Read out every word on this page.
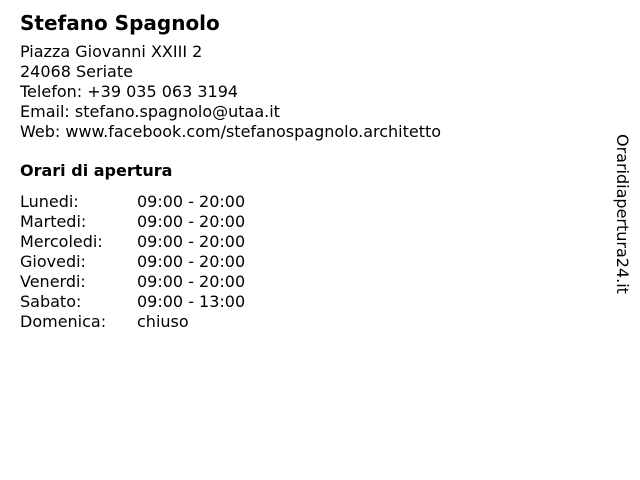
Stefano Spagnolo
Piazza Giovanni XXIII 2
24068 Seriate
Telefon: +39 035 063 3194
Email: stefano.spagnolo@utaa.it
Web: www.facebook.com/stefanospagnolo.architetto
Orari di apertura
Lunedi:	09:00 - 20:00
Martedi:	09:00 - 20:00
Mercoledi:	09:00 - 20:00
Giovedi:	09:00 - 20:00
Venerdi:	09:00 - 20:00
Sabato:	09:00 - 13:00
Domenica:	chiuso
Oraridiapertura24.it
